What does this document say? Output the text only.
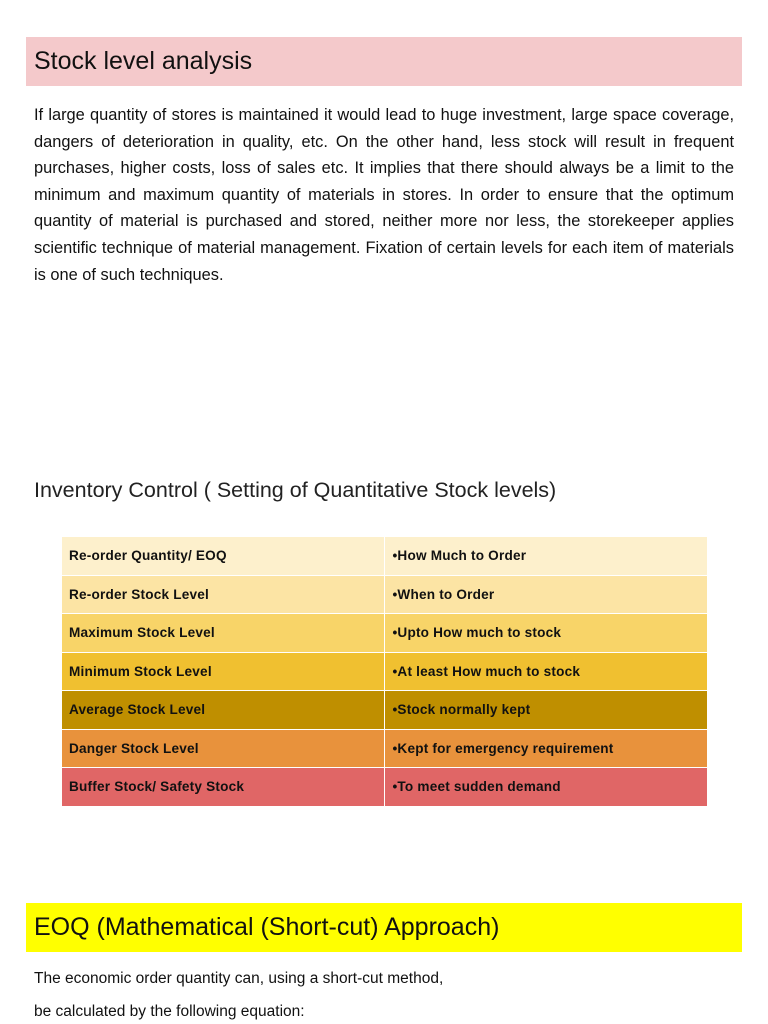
Stock level analysis

If large quantity of stores is maintained it would lead to huge investment, large space coverage, dangers of deterioration in quality, etc. On the other hand, less stock will result in frequent purchases, higher costs, loss of sales etc. It implies that there should always be a limit to the minimum and maximum quantity of materials in stores. In order to ensure that the optimum quantity of material is purchased and stored, neither more nor less, the storekeeper applies scientific technique of material management. Fixation of certain levels for each item of materials is one of such techniques.

Inventory Control ( Setting of Quantitative Stock levels)
Re-order Quantity/ EOQ	•How Much to Order
Re-order Stock Level	•When to Order
Maximum Stock Level	•Upto How much to stock
Minimum Stock Level	•At least How much to stock
Average Stock Level	•Stock normally kept
Danger Stock Level	•Kept for emergency requirement
Buffer Stock/ Safety Stock	•To meet sudden demand
EOQ (Mathematical (Short-cut) Approach)
The economic order quantity can, using a short-cut method,
be calculated by the following equation:
